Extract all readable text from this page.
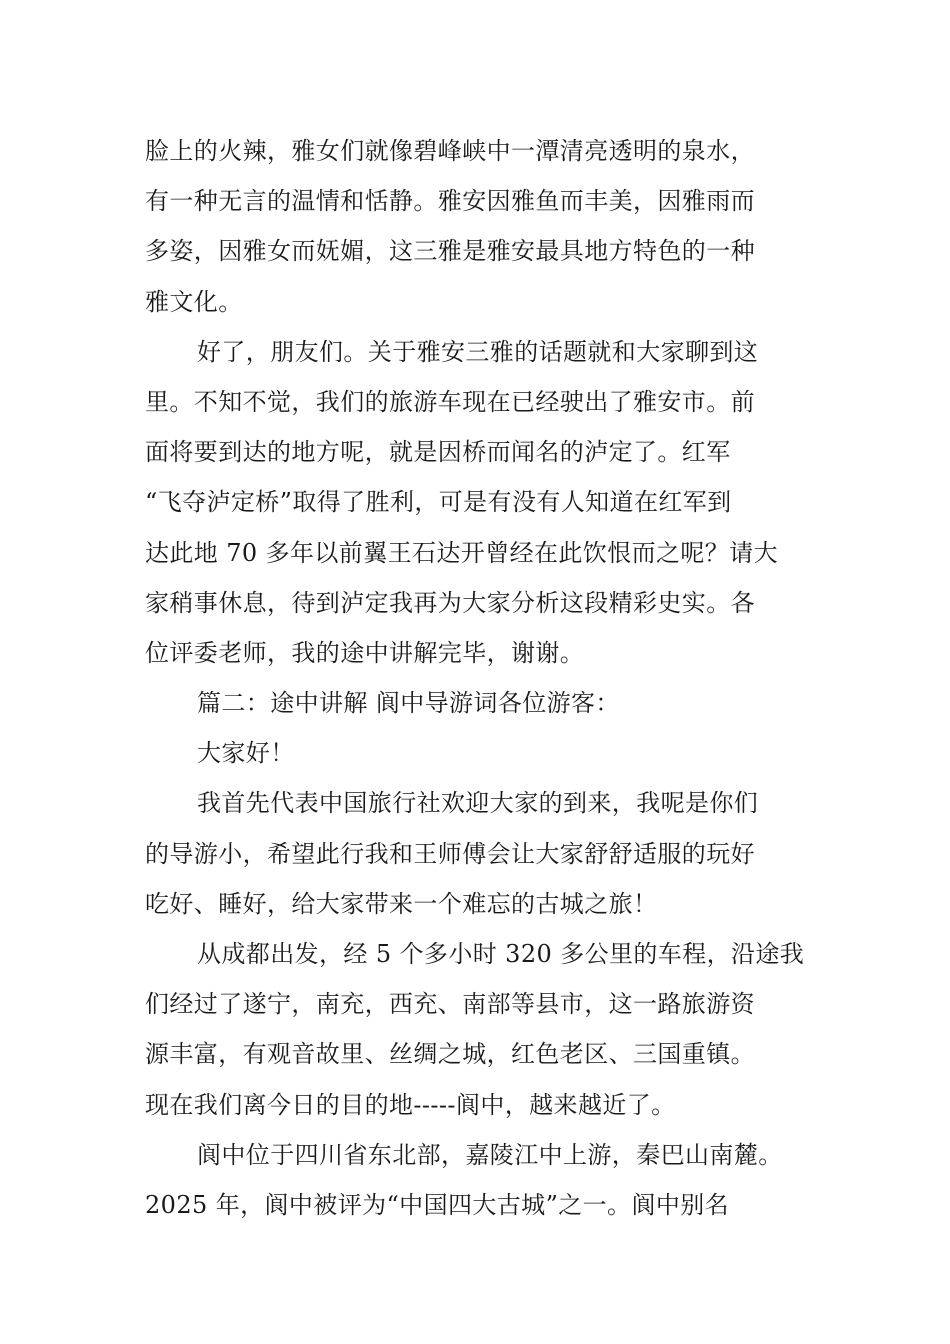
脸上的火辣，雅女们就像碧峰峡中一潭清亮透明的泉水，
有一种无言的温情和恬静。雅安因雅鱼而丰美，因雅雨而
多姿，因雅女而妩媚，这三雅是雅安最具地方特色的一种
雅文化。
好了，朋友们。关于雅安三雅的话题就和大家聊到这
里。不知不觉，我们的旅游车现在已经驶出了雅安市。前
面将要到达的地方呢，就是因桥而闻名的泸定了。红军
“飞夺泸定桥”取得了胜利，可是有没有人知道在红军到
达此地 70 多年以前翼王石达开曾经在此饮恨而之呢？请大
家稍事休息，待到泸定我再为大家分析这段精彩史实。各
位评委老师，我的途中讲解完毕，谢谢。
篇二：途中讲解 阆中导游词各位游客：
大家好！
我首先代表中国旅行社欢迎大家的到来，我呢是你们
的导游小，希望此行我和王师傅会让大家舒舒适服的玩好
吃好、睡好，给大家带来一个难忘的古城之旅！
从成都出发，经 5 个多小时 320 多公里的车程，沿途我
们经过了遂宁，南充，西充、南部等县市，这一路旅游资
源丰富，有观音故里、丝绸之城，红色老区、三国重镇。
现在我们离今日的目的地-----阆中，越来越近了。
阆中位于四川省东北部，嘉陵江中上游，秦巴山南麓。
2025 年，阆中被评为“中国四大古城”之一。阆中别名
